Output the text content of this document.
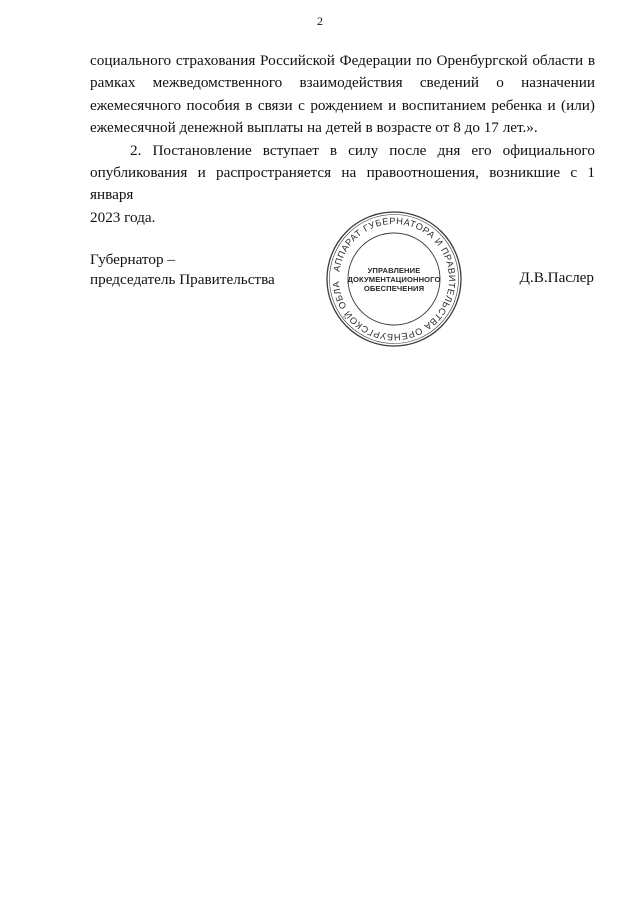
2

социального страхования Российской Федерации по Оренбургской области в
рамках межведомственного взаимодействия сведений о назначении
ежемесячного пособия в связи с рождением и воспитанием ребенка и (или)
ежемесячной денежной выплаты на детей в возрасте от 8 до 17 лет.».

2. Постановление вступает в силу после дня его официального
опубликования и распространяется на правоотношения, возникшие с 1 января
2023 года.

Губернатор –
председатель Правительства	Д.В.Паслер
АППАРАТ ГУБЕРНАТОРА И ПРАВИТЕЛЬСТВА ОРЕНБУРГСКОЙ ОБЛА
УПРАВЛЕНИЕ
ДОКУМЕНТАЦИОННОГО
ОБЕСПЕЧЕНИЯ
